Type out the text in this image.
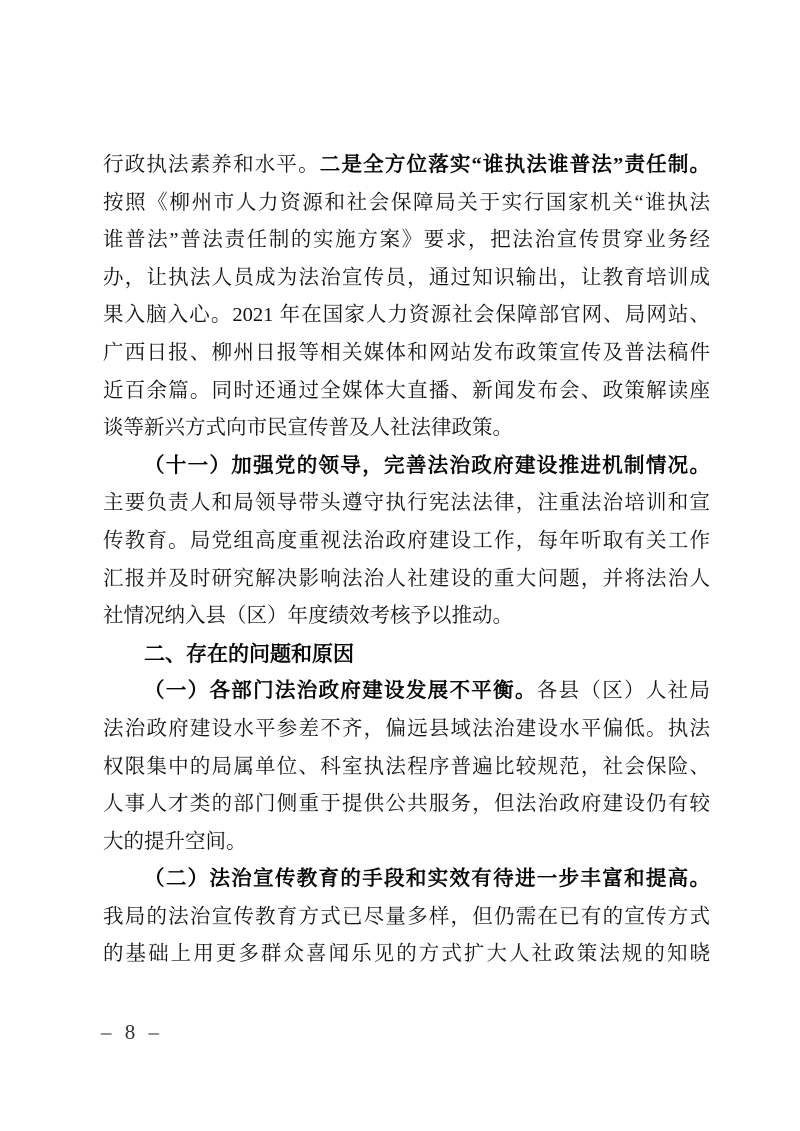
行政执法素养和水平。二是全方位落实“谁执法谁普法”责任制。
按照《柳州市人力资源和社会保障局关于实行国家机关“谁执法
谁普法”普法责任制的实施方案》要求，把法治宣传贯穿业务经
办，让执法人员成为法治宣传员，通过知识输出，让教育培训成
果入脑入心。2021 年在国家人力资源社会保障部官网、局网站、
广西日报、柳州日报等相关媒体和网站发布政策宣传及普法稿件
近百余篇。同时还通过全媒体大直播、新闻发布会、政策解读座
谈等新兴方式向市民宣传普及人社法律政策。
（十一）加强党的领导，完善法治政府建设推进机制情况。
主要负责人和局领导带头遵守执行宪法法律，注重法治培训和宣
传教育。局党组高度重视法治政府建设工作，每年听取有关工作
汇报并及时研究解决影响法治人社建设的重大问题，并将法治人
社情况纳入县（区）年度绩效考核予以推动。
二、存在的问题和原因
（一）各部门法治政府建设发展不平衡。各县（区）人社局
法治政府建设水平参差不齐，偏远县域法治建设水平偏低。执法
权限集中的局属单位、科室执法程序普遍比较规范，社会保险、
人事人才类的部门侧重于提供公共服务，但法治政府建设仍有较
大的提升空间。
（二）法治宣传教育的手段和实效有待进一步丰富和提高。
我局的法治宣传教育方式已尽量多样，但仍需在已有的宣传方式
的基础上用更多群众喜闻乐见的方式扩大人社政策法规的知晓
– 8 –
